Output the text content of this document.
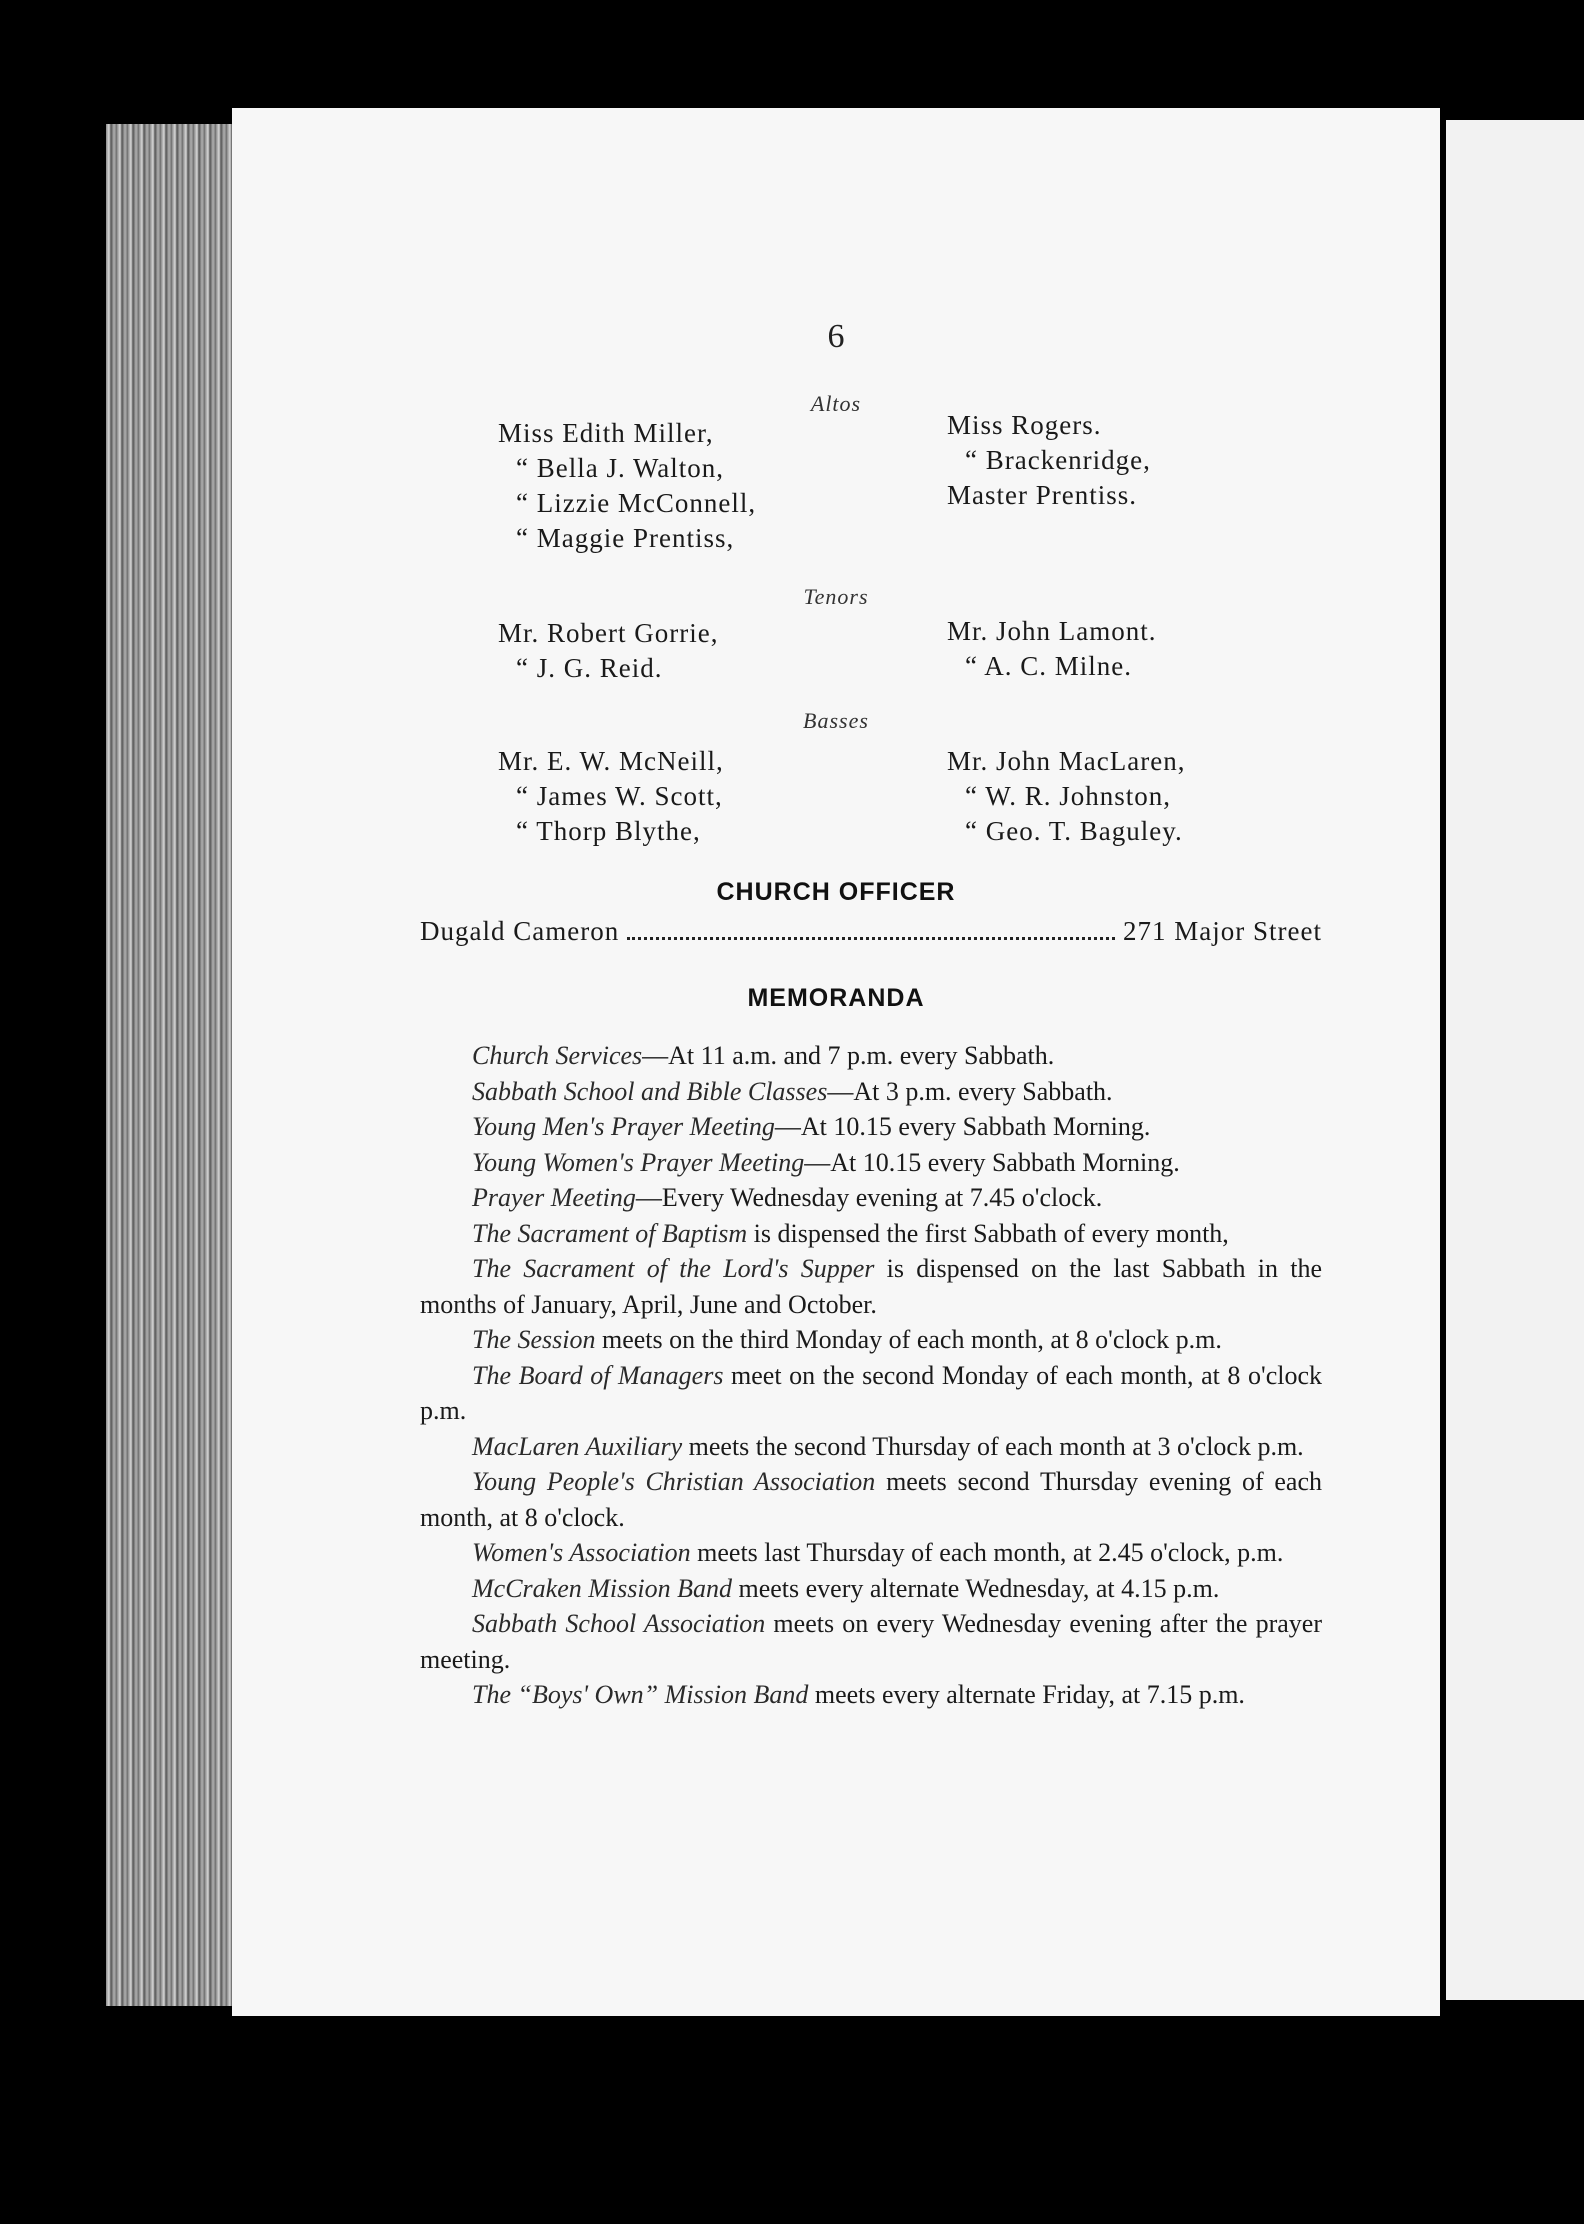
6
Altos
Miss Edith Miller,
“ Bella J. Walton,
“ Lizzie McConnell,
“ Maggie Prentiss,
Miss Rogers.
“ Brackenridge,
Master Prentiss.
Tenors
Mr. Robert Gorrie,
“ J. G. Reid.
Mr. John Lamont.
“ A. C. Milne.
Basses
Mr. E. W. McNeill,
“ James W. Scott,
“ Thorp Blythe,
Mr. John MacLaren,
“ W. R. Johnston,
“ Geo. T. Baguley.
CHURCH OFFICER
Dugald Cameron	271 Major Street
MEMORANDA

Church Services—At 11 a.m. and 7 p.m. every Sabbath.

Sabbath School and Bible Classes—At 3 p.m. every Sabbath.

Young Men's Prayer Meeting—At 10.15 every Sabbath Morning.

Young Women's Prayer Meeting—At 10.15 every Sabbath Morning.

Prayer Meeting—Every Wednesday evening at 7.45 o'clock.

The Sacrament of Baptism is dispensed the first Sabbath of every month,

The Sacrament of the Lord's Supper is dispensed on the last Sabbath in the months of January, April, June and October.

The Session meets on the third Monday of each month, at 8 o'clock p.m.

The Board of Managers meet on the second Monday of each month, at 8 o'clock p.m.

MacLaren Auxiliary meets the second Thursday of each month at 3 o'clock p.m.

Young People's Christian Association meets second Thursday evening of each month, at 8 o'clock.

Women's Association meets last Thursday of each month, at 2.45 o'clock, p.m.

McCraken Mission Band meets every alternate Wednesday, at 4.15 p.m.

Sabbath School Association meets on every Wednesday evening after the prayer meeting.

The “Boys' Own” Mission Band meets every alternate Friday, at 7.15 p.m.
